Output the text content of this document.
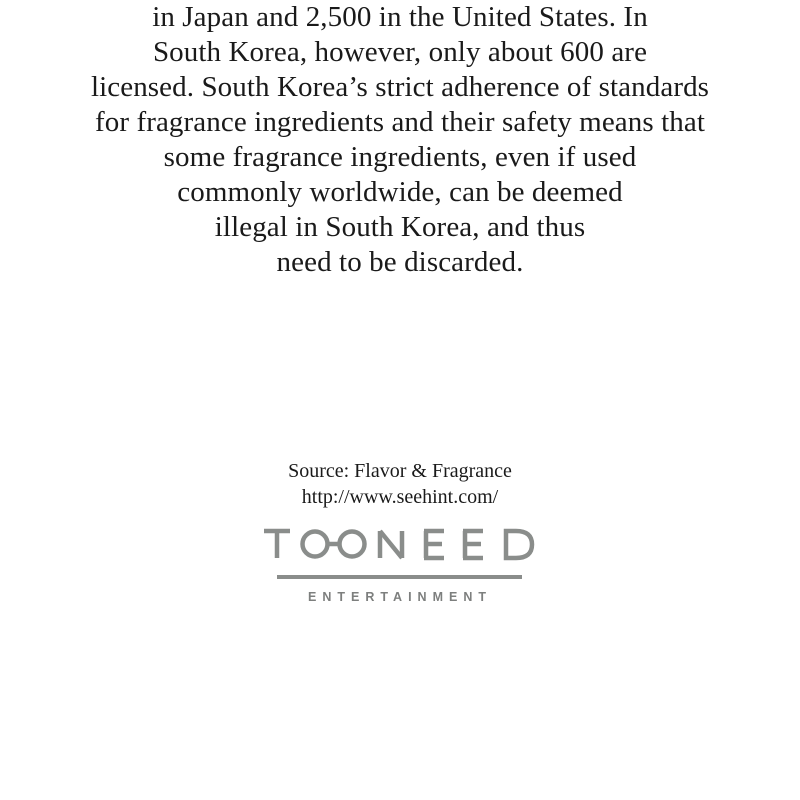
in Japan and 2,500 in the United States. In
South Korea, however, only about 600 are
licensed. South Korea’s strict adherence of standards
for fragrance ingredients and their safety means that
some fragrance ingredients, even if used
commonly worldwide, can be deemed
illegal in South Korea, and thus
need to be discarded.
Source: Flavor & Fragrance
http://www.seehint.com/
ENTERTAINMENT
